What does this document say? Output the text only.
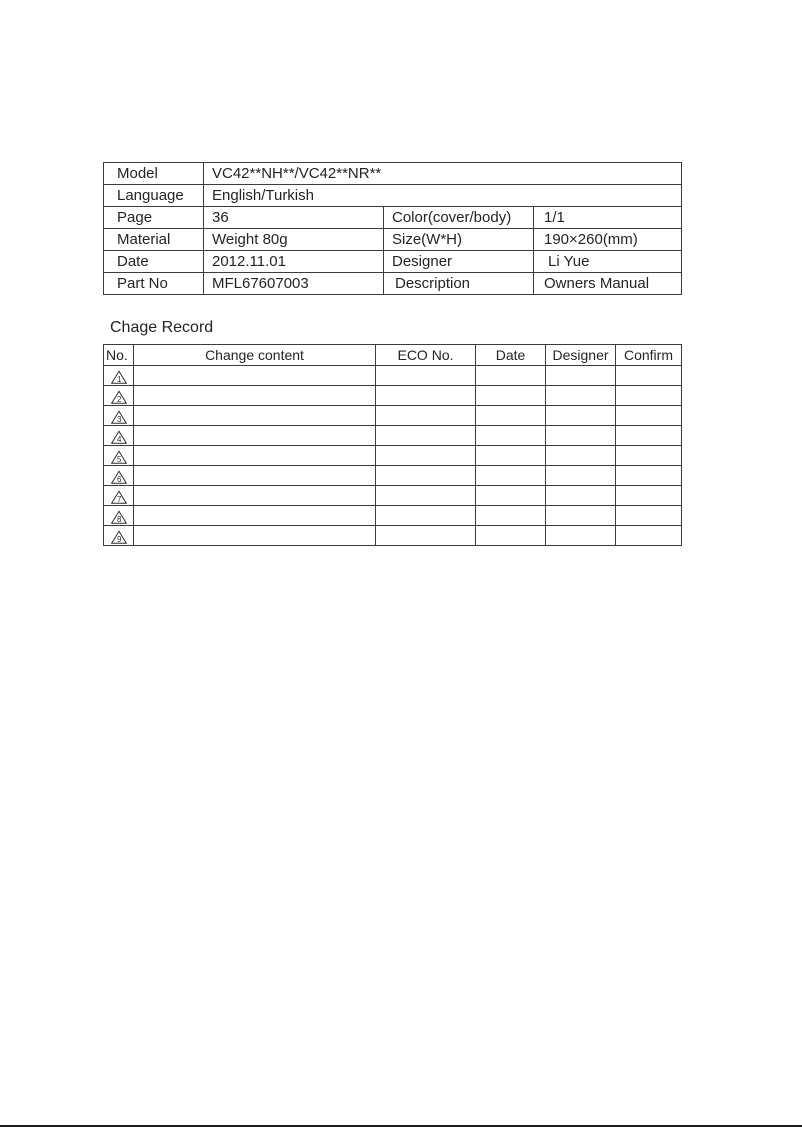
Model	VC42**NH**/VC42**NR**		
Language	English/Turkish		
Page	36	Color(cover/body)	1/1
Material	Weight 80g	Size(W*H)	190×260(mm)
Date	2012.11.01	Designer	Li Yue
Part No	MFL67607003	Description	Owners Manual
Chage Record
No.	Change content	ECO No.	Date	Designer	Confirm

1					

2					

3					

4					

5					

6					

7					

8					

9					
